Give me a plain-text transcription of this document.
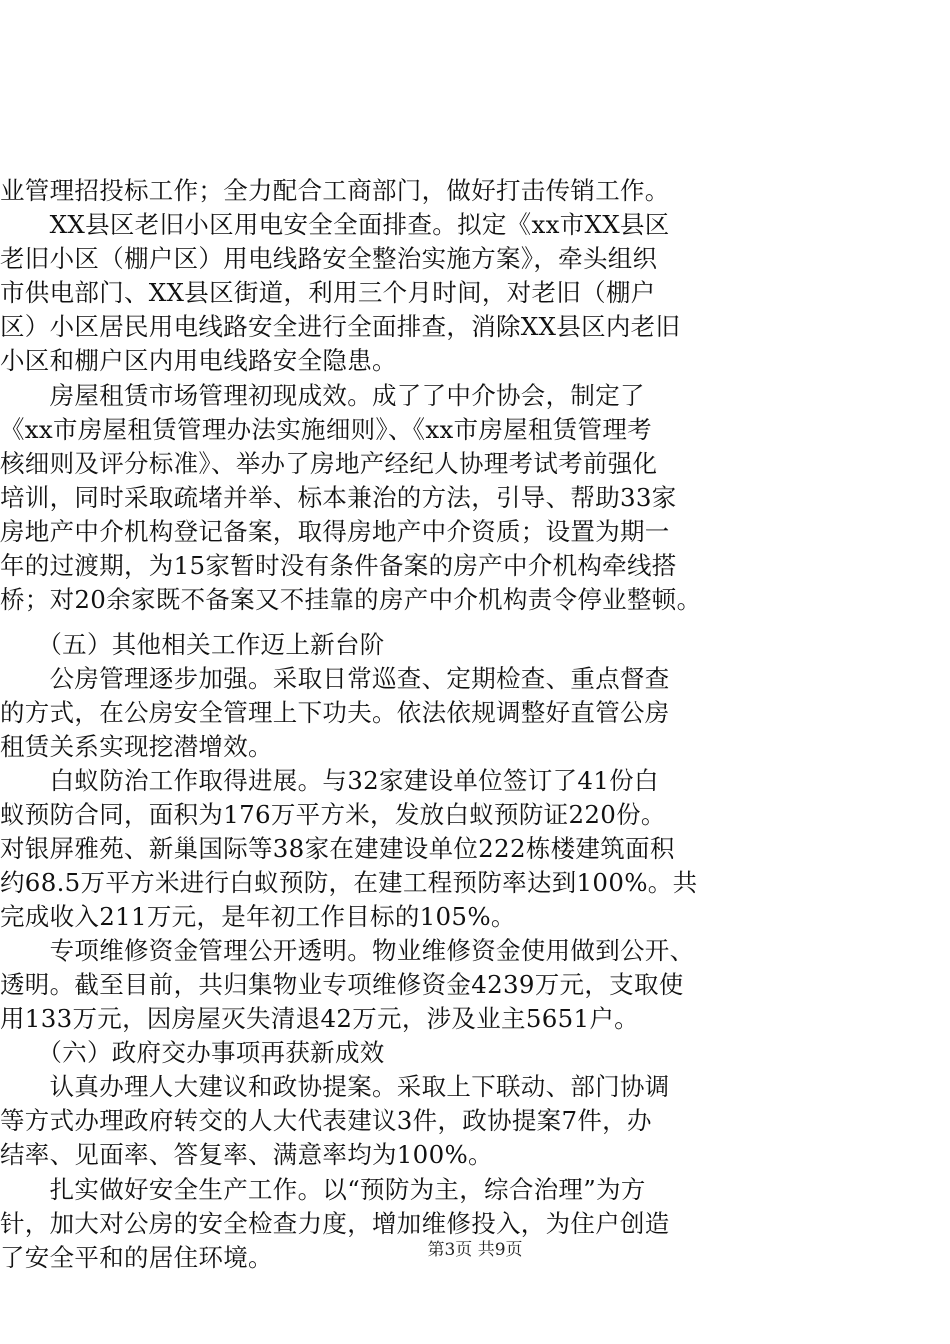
业管理招投标工作；全力配合工商部门，做好打击传销工作。
　　XX县区老旧小区用电安全全面排查。拟定《xx市XX县区
老旧小区（棚户区）用电线路安全整治实施方案》，牵头组织
市供电部门、XX县区街道，利用三个月时间，对老旧（棚户
区）小区居民用电线路安全进行全面排查，消除XX县区内老旧
小区和棚户区内用电线路安全隐患。
　　房屋租赁市场管理初现成效。成了了中介协会，制定了
《xx市房屋租赁管理办法实施细则》、《xx市房屋租赁管理考
核细则及评分标准》、举办了房地产经纪人协理考试考前强化
培训，同时采取疏堵并举、标本兼治的方法，引导、帮助33家
房地产中介机构登记备案，取得房地产中介资质；设置为期一
年的过渡期，为15家暂时没有条件备案的房产中介机构牵线搭
桥；对20余家既不备案又不挂靠的房产中介机构责令停业整顿。
　　（五）其他相关工作迈上新台阶
　　公房管理逐步加强。采取日常巡查、定期检查、重点督查
的方式，在公房安全管理上下功夫。依法依规调整好直管公房
租赁关系实现挖潜增效。
　　白蚁防治工作取得进展。与32家建设单位签订了41份白
蚁预防合同，面积为176万平方米，发放白蚁预防证220份。
对银屏雅苑、新巢国际等38家在建建设单位222栋楼建筑面积
约68.5万平方米进行白蚁预防，在建工程预防率达到100%。共
完成收入211万元，是年初工作目标的105%。
　　专项维修资金管理公开透明。物业维修资金使用做到公开、
透明。截至目前，共归集物业专项维修资金4239万元，支取使
用133万元，因房屋灭失清退42万元，涉及业主5651户。
　　（六）政府交办事项再获新成效
　　认真办理人大建议和政协提案。采取上下联动、部门协调
等方式办理政府转交的人大代表建议3件，政协提案7件，办
结率、见面率、答复率、满意率均为100%。
　　扎实做好安全生产工作。以“预防为主，综合治理”为方
针，加大对公房的安全检查力度，增加维修投入，为住户创造
了安全平和的居住环境。	第3页 共9页
